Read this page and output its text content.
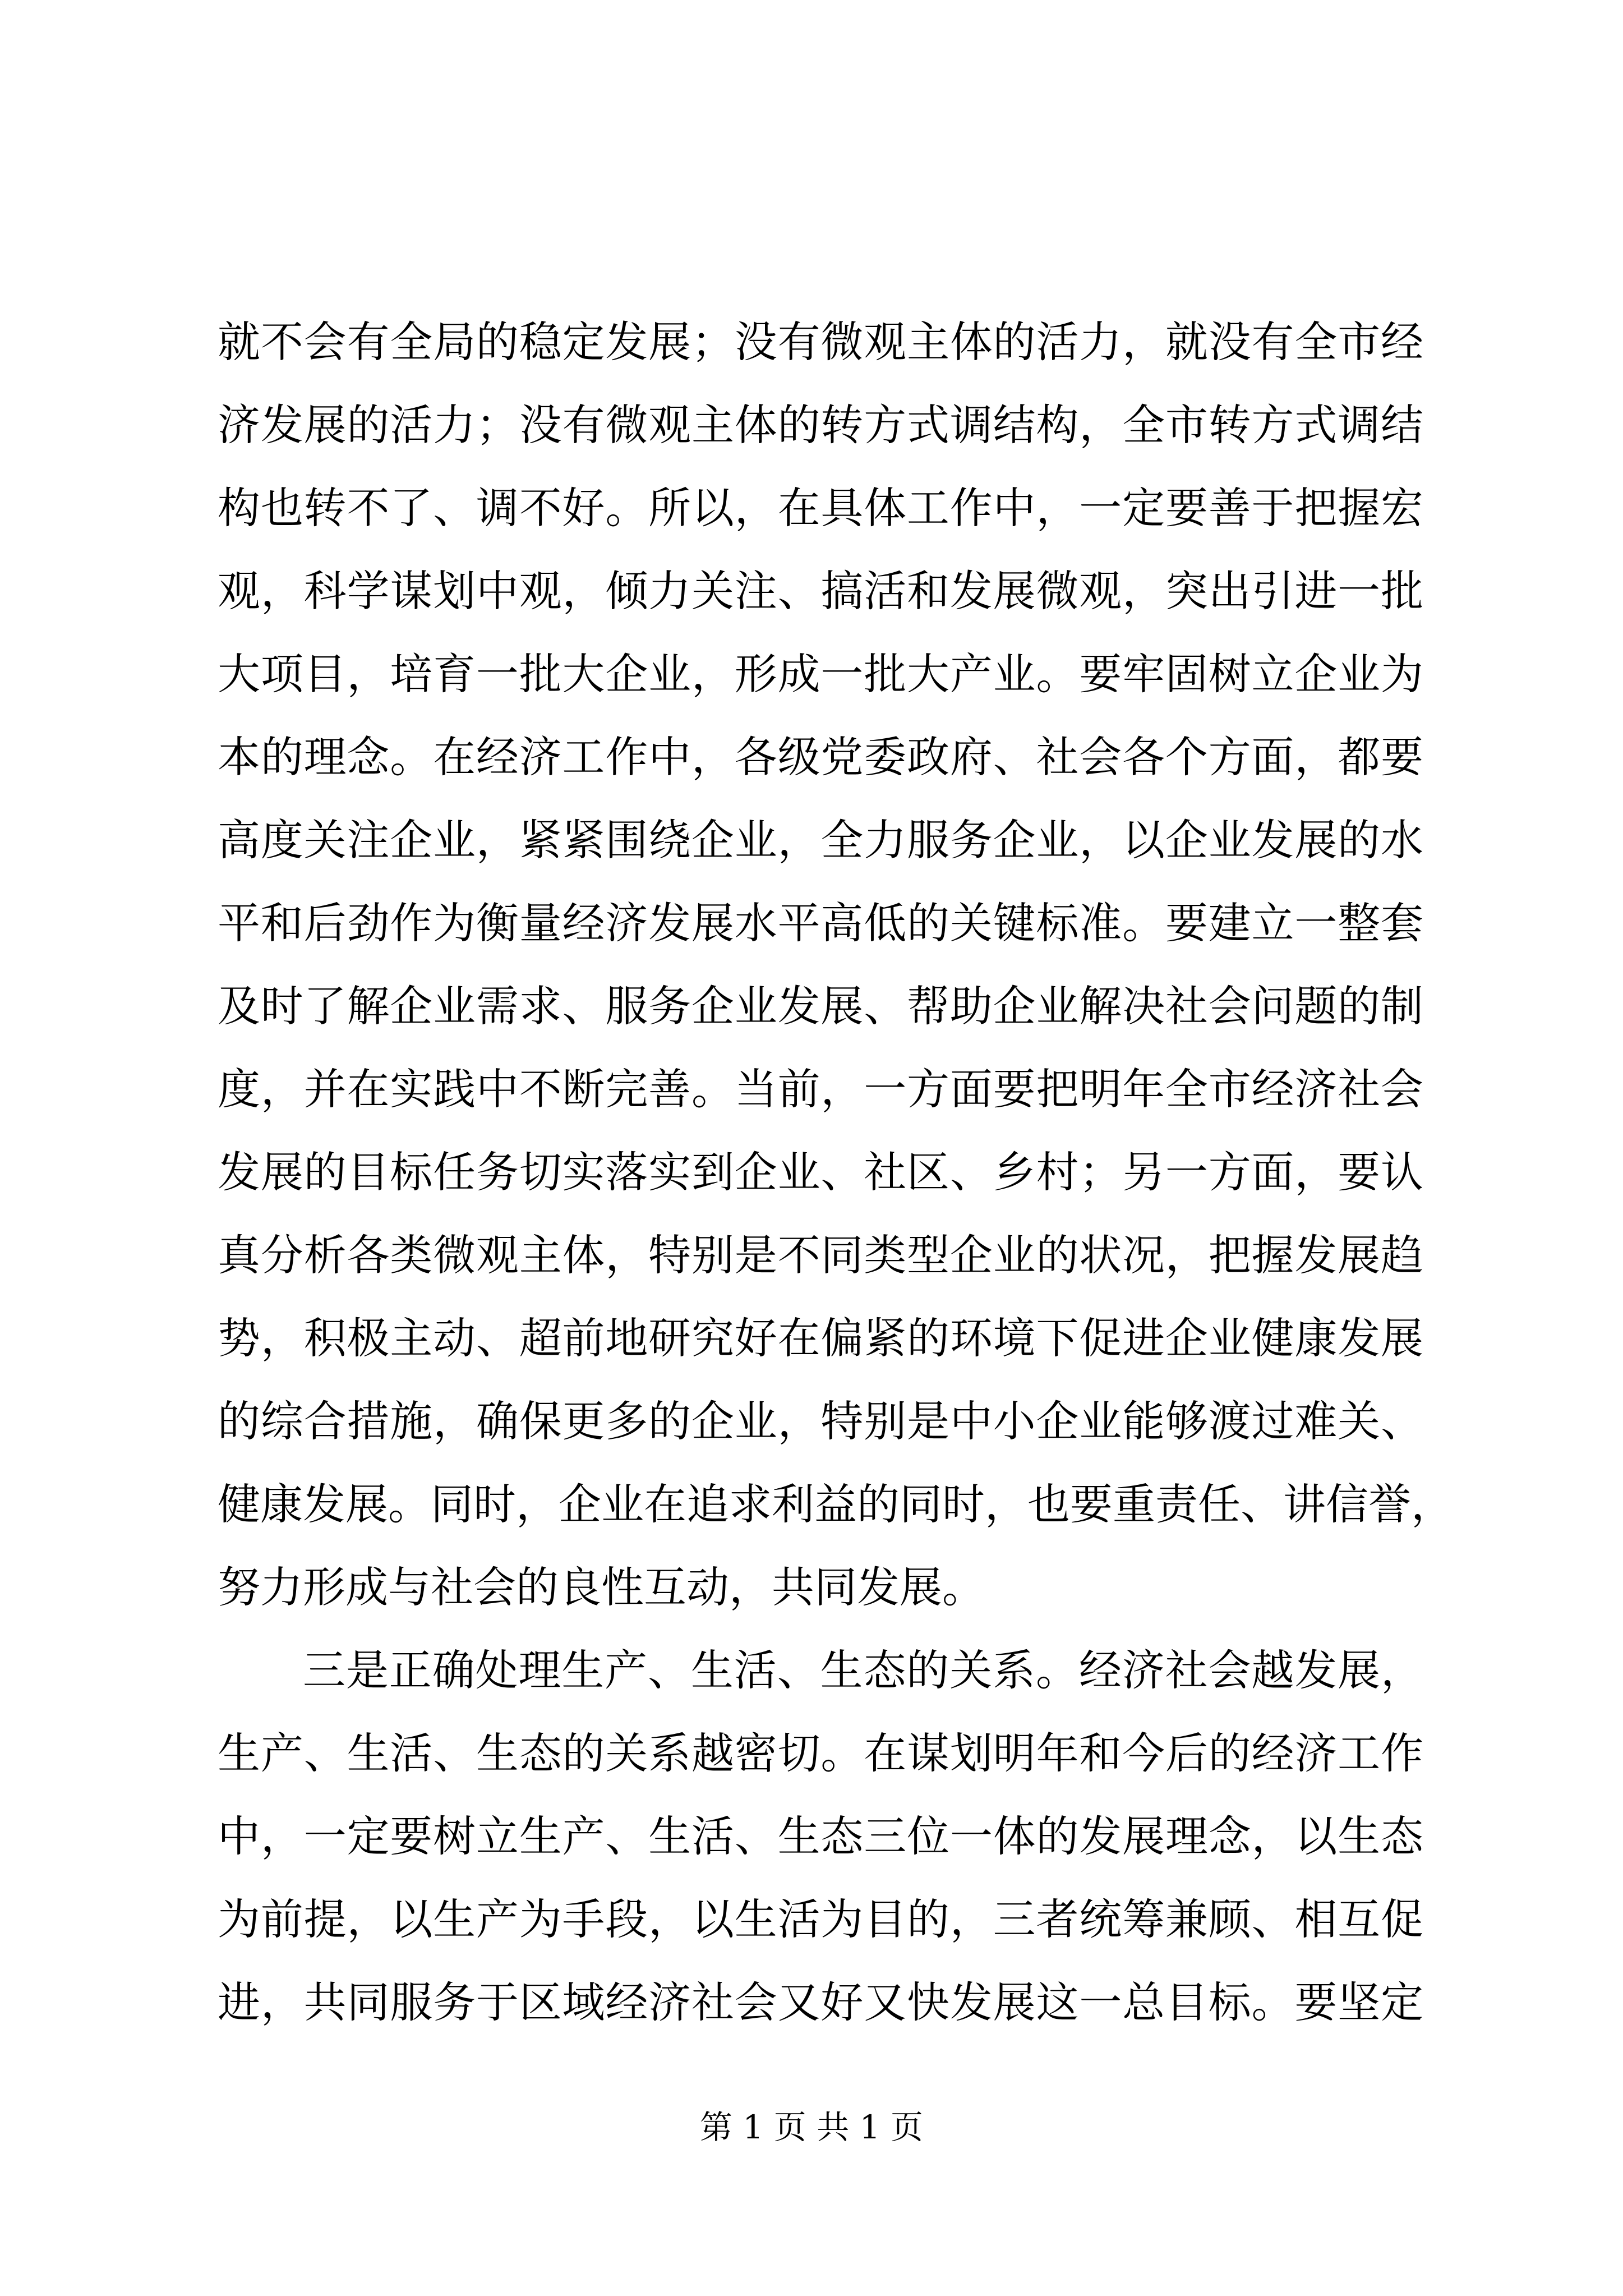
就不会有全局的稳定发展；没有微观主体的活力，就没有全市经
济发展的活力；没有微观主体的转方式调结构，全市转方式调结
构也转不了、调不好。所以，在具体工作中，一定要善于把握宏
观，科学谋划中观，倾力关注、搞活和发展微观，突出引进一批
大项目，培育一批大企业，形成一批大产业。要牢固树立企业为
本的理念。在经济工作中，各级党委政府、社会各个方面，都要
高度关注企业，紧紧围绕企业，全力服务企业，以企业发展的水
平和后劲作为衡量经济发展水平高低的关键标准。要建立一整套
及时了解企业需求、服务企业发展、帮助企业解决社会问题的制
度，并在实践中不断完善。当前，一方面要把明年全市经济社会
发展的目标任务切实落实到企业、社区、乡村；另一方面，要认
真分析各类微观主体，特别是不同类型企业的状况，把握发展趋
势，积极主动、超前地研究好在偏紧的环境下促进企业健康发展
的综合措施，确保更多的企业，特别是中小企业能够渡过难关、
健康发展。同时，企业在追求利益的同时，也要重责任、讲信誉，
努力形成与社会的良性互动，共同发展。
三是正确处理生产、生活、生态的关系。经济社会越发展，
生产、生活、生态的关系越密切。在谋划明年和今后的经济工作
中，一定要树立生产、生活、生态三位一体的发展理念，以生态
为前提，以生产为手段，以生活为目的，三者统筹兼顾、相互促
进，共同服务于区域经济社会又好又快发展这一总目标。要坚定
第 1 页 共 1 页
